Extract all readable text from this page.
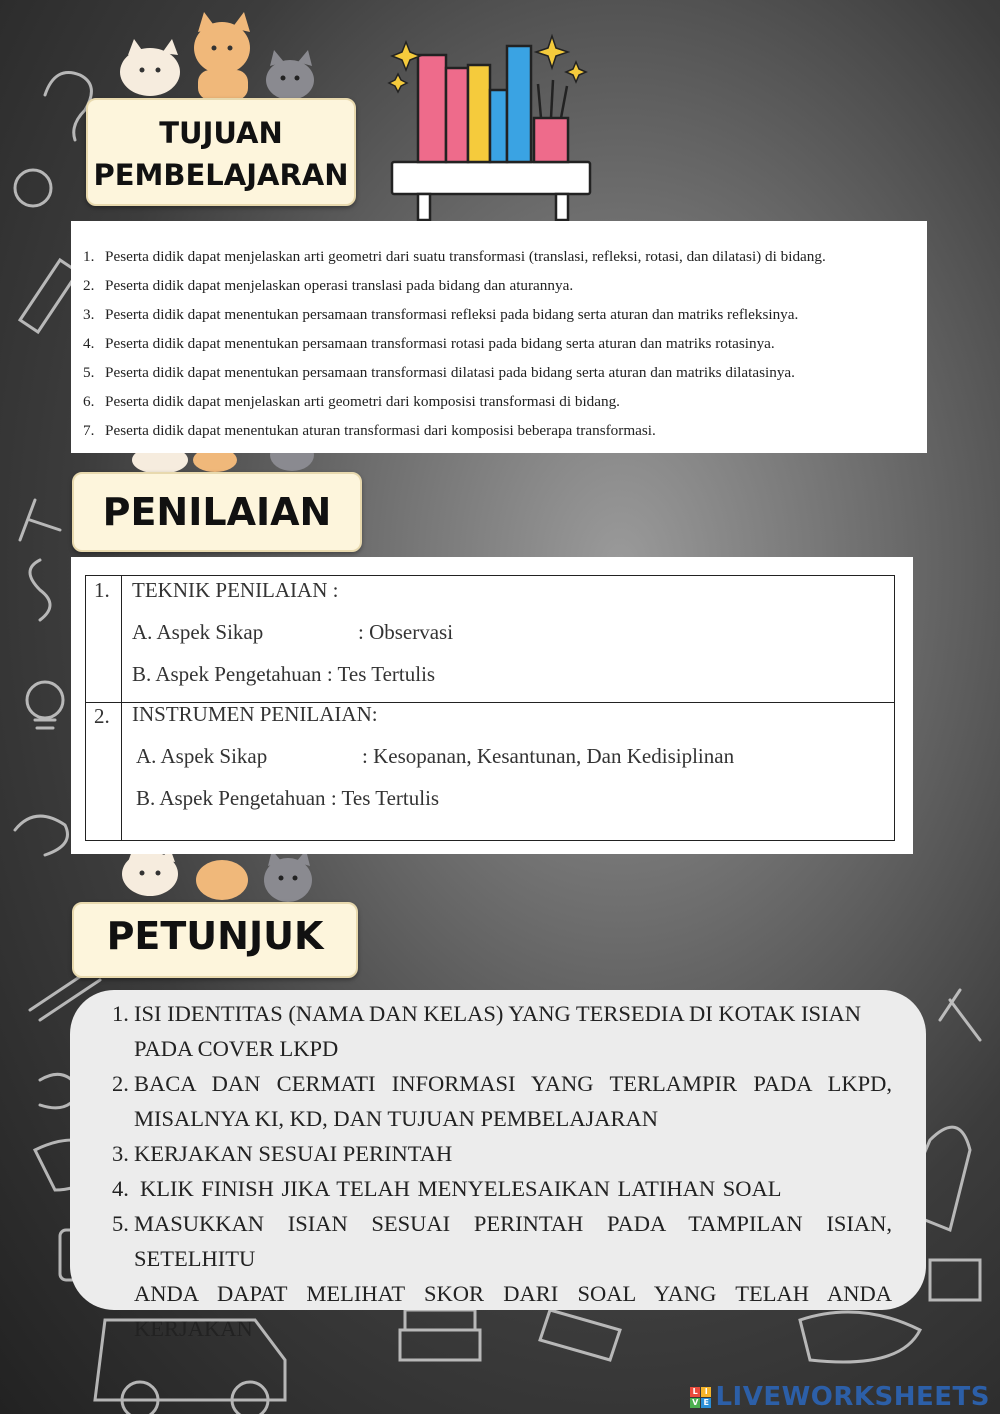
TUJUAN
PEMBELAJARAN
1. Peserta didik dapat menjelaskan arti geometri dari suatu transformasi (translasi, refleksi, rotasi, dan dilatasi) di bidang.
2. Peserta didik dapat menjelaskan operasi translasi pada bidang dan aturannya.
3. Peserta didik dapat menentukan persamaan transformasi refleksi pada bidang serta aturan dan matriks refleksinya.
4. Peserta didik dapat menentukan persamaan transformasi rotasi pada bidang serta aturan dan matriks rotasinya.
5. Peserta didik dapat menentukan persamaan transformasi dilatasi pada bidang serta aturan dan matriks dilatasinya.
6. Peserta didik dapat menjelaskan arti geometri dari komposisi transformasi di bidang.
7. Peserta didik dapat menentukan aturan transformasi dari komposisi beberapa transformasi.
PENILAIAN
1. TEKNIK PENILAIAN :
A. Aspek Sikap	: Observasi
B. Aspek Pengetahuan : Tes Tertulis
2. INSTRUMEN PENILAIAN:
A. Aspek Sikap	: Kesopanan, Kesantunan, Dan Kedisiplinan
B. Aspek Pengetahuan : Tes Tertulis
PETUNJUK
1. ISI IDENTITAS (NAMA DAN KELAS) YANG TERSEDIA DI KOTAK ISIAN
PADA COVER LKPD
2. BACA DAN CERMATI INFORMASI YANG TERLAMPIR PADA LKPD,
MISALNYA KI, KD, DAN TUJUAN PEMBELAJARAN
3. KERJAKAN SESUAI PERINTAH
4. KLIK FINISH JIKA TELAH MENYELESAIKAN LATIHAN SOAL
5. MASUKKAN ISIAN SESUAI PERINTAH PADA TAMPILAN ISIAN, SETELHITU
ANDA DAPAT MELIHAT SKOR DARI SOAL YANG TELAH ANDA
KERJAKAN
L I
V E LIVEWORKSHEETS
